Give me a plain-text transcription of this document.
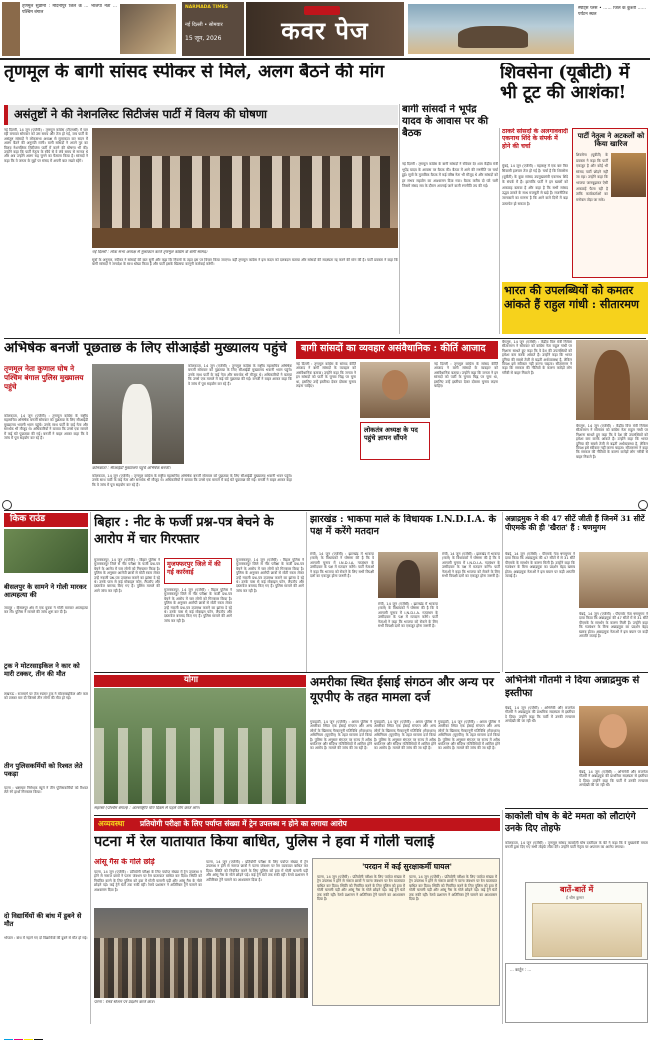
तृणमूल सुप्रीमो : मेदिनीपुर जिले के ... भाजपा नेता ... पश्चिम बंगाल
NARMADA TIMES
नई दिल्ली • सोमवार
15 जून, 2026	कवर पेज
स्पोर्ट्स प्लस • ...... जिले के कुश्ती ...... पर्यटन स्थल
तृणमूल के बागी सांसद स्पीकर से मिले, अलग बैठने की मांग
असंतुष्टों ने की नेशनलिस्ट सिटीजंस पार्टी में विलय की घोषणा
नई दिल्ली, 14 जून (एजेंसी) : तृणमूल कांग्रेस (टीएमसी) में चल रही बगावत सोमवार को उस समय और तेज हो गई, जब पार्टी के असंतुष्ट सांसदों ने लोकसभा अध्यक्ष से मुलाकात कर सदन में अलग बैठने की अनुमति मांगी। बागी सांसदों ने अपने गुट का विलय नेशनलिस्ट सिटीजंस पार्टी में करने की घोषणा भी की। उन्होंने कहा कि पार्टी नेतृत्व के रवैये से वे लंबे समय से नाराज थे और अब उन्होंने अलग राह चुनने का फैसला किया है। सांसदों ने कहा कि वे जनता के मुद्दों पर संसद में अपनी बात रखते रहेंगे।
नई दिल्ली : लोक सभा अध्यक्ष से मुलाकात करते तृणमूल कांग्रेस के बागी सांसद।
सूत्रों के अनुसार, स्पीकर ने सांसदों की बात सुनी और कहा कि नियमों के तहत इस पर विचार किया जाएगा। वहीं तृणमूल कांग्रेस ने इस कदम को दलबदल बताया और सांसदों की सदस्यता रद्द करने की मांग की है। पार्टी प्रवक्ता ने कहा कि बागी सांसदों ने जनादेश के साथ धोखा किया है और पार्टी इसके खिलाफ कानूनी कार्रवाई करेगी।
बागी सांसदों ने भूपेंद्र यादव के आवास पर की बैठक
नई दिल्ली : तृणमूल कांग्रेस के बागी सांसदों ने रविवार देर शाम केंद्रीय मंत्री भूपेंद्र यादव के आवास पर बैठक की। बैठक में आगे की रणनीति पर चर्चा हुई। सूत्रों के मुताबिक बैठक में कई वरिष्ठ नेता भी मौजूद थे और सांसदों को हर संभव सहयोग का आश्वासन दिया गया। बैठक करीब दो घंटे चली जिसमें संसद सत्र के दौरान अपनाई जाने वाली रणनीति तय की गई।
शिवसेना (यूबीटी) में भी टूट की आशंका!
ठाकरे सांसदों के अलगाववादी एकनाथ शिंदे के संपर्क में होने की चर्चा
मुंबई, 14 जून (एजेंसी) : महाराष्ट्र में एक बार फिर सियासी हलचल तेज हो गई है। चर्चा है कि शिवसेना (यूबीटी) के कुछ सांसद उपमुख्यमंत्री एकनाथ शिंदे के संपर्क में हैं। हालांकि पार्टी ने इन खबरों को अफवाह बताया है और कहा है कि सभी सांसद उद्धव ठाकरे के साथ मजबूती से खड़े हैं। राजनीतिक जानकारों का मानना है कि आने वाले दिनों में बड़ा उलटफेर हो सकता है।
पार्टी नेतृत्व ने अटकलों को किया खारिज
शिवसेना (यूबीटी) के प्रवक्ता ने कहा कि पार्टी एकजुट है और कोई भी सांसद पार्टी छोड़ने नहीं जा रहा। उन्होंने कहा कि भाजपा जानबूझकर ऐसी अफवाहें फैला रही है ताकि कार्यकर्ताओं का मनोबल तोड़ा जा सके।
अभिषेक बनर्जी पूछताछ के लिए सीआईडी मुख्यालय पहुंचे
तृणमूल नेता कुणाल घोष ने पश्चिम बंगाल पुलिस मुख्यालय पहुंचे
कोलकाता, 14 जून (एजेंसी) : तृणमूल कांग्रेस के राष्ट्रीय महासचिव अभिषेक बनर्जी सोमवार को पूछताछ के लिए सीआईडी मुख्यालय भवानी भवन पहुंचे। उनके साथ पार्टी के कई नेता और समर्थक भी मौजूद थे। अधिकारियों ने बताया कि उनसे एक मामले में कई घंटे पूछताछ की गई। बनर्जी ने बाहर आकर कहा कि वे जांच में पूरा सहयोग कर रहे हैं।
कोलकाता, 14 जून (एजेंसी) : तृणमूल कांग्रेस के राष्ट्रीय महासचिव अभिषेक बनर्जी सोमवार को पूछताछ के लिए सीआईडी मुख्यालय भवानी भवन पहुंचे। उनके साथ पार्टी के कई नेता और समर्थक भी मौजूद थे। अधिकारियों ने बताया कि उनसे एक मामले में कई घंटे पूछताछ की गई। बनर्जी ने बाहर आकर कहा कि वे जांच में पूरा सहयोग कर रहे हैं।
कोलकाता : सीआईडी मुख्यालय पहुंचे अभिषेक बनर्जी।
कोलकाता, 14 जून (एजेंसी) : तृणमूल कांग्रेस के राष्ट्रीय महासचिव अभिषेक बनर्जी सोमवार को पूछताछ के लिए सीआईडी मुख्यालय भवानी भवन पहुंचे। उनके साथ पार्टी के कई नेता और समर्थक भी मौजूद थे। अधिकारियों ने बताया कि उनसे एक मामले में कई घंटे पूछताछ की गई। बनर्जी ने बाहर आकर कहा कि वे जांच में पूरा सहयोग कर रहे हैं।
बागी सांसदों का व्यवहार असंवैधानिक : कीर्ति आजाद
नई दिल्ली : तृणमूल कांग्रेस के सांसद कीर्ति आजाद ने बागी सांसदों के व्यवहार को असंवैधानिक बताया। उन्होंने कहा कि जनता ने इन सांसदों को पार्टी के चुनाव चिह्न पर चुना था, इसलिए उन्हें इस्तीफा देकर दोबारा चुनाव लड़ना चाहिए।
लोकतंत्र अध्यक्ष के पद पहुंचे ज्ञापन सौंपने
नई दिल्ली : तृणमूल कांग्रेस के सांसद कीर्ति आजाद ने बागी सांसदों के व्यवहार को असंवैधानिक बताया। उन्होंने कहा कि जनता ने इन सांसदों को पार्टी के चुनाव चिह्न पर चुना था, इसलिए उन्हें इस्तीफा देकर दोबारा चुनाव लड़ना चाहिए।
भारत की उपलब्धियों को कमतर आंकते हैं राहुल गांधी : सीतारमण
बेंगलुरु, 14 जून (एजेंसी) : केंद्रीय वित्त मंत्री निर्मला सीतारमण ने सोमवार को कांग्रेस नेता राहुल गांधी पर निशाना साधते हुए कहा कि वे देश की उपलब्धियों को हमेशा कम करके आंकते हैं। उन्होंने कहा कि भारत दुनिया की सबसे तेजी से बढ़ती अर्थव्यवस्था है, लेकिन विपक्ष इसे स्वीकार नहीं करना चाहता। सीतारमण ने कहा कि सरकार की नीतियों के कारण करोड़ों लोग गरीबी से बाहर निकले हैं।
बेंगलुरु, 14 जून (एजेंसी) : केंद्रीय वित्त मंत्री निर्मला सीतारमण ने सोमवार को कांग्रेस नेता राहुल गांधी पर निशाना साधते हुए कहा कि वे देश की उपलब्धियों को हमेशा कम करके आंकते हैं। उन्होंने कहा कि भारत दुनिया की सबसे तेजी से बढ़ती अर्थव्यवस्था है, लेकिन विपक्ष इसे स्वीकार नहीं करना चाहता। सीतारमण ने कहा कि सरकार की नीतियों के कारण करोड़ों लोग गरीबी से बाहर निकले हैं।
किक राउंड
बीसलपुर के सामने ने गोली मारकर आत्महत्या की
जयपुर : बीसलपुर क्षेत्र में एक युवक ने गोली मारकर आत्महत्या कर ली। पुलिस ने मामले की जांच शुरू कर दी है।
ट्रक ने मोटरसाइकिल ने कार को मारी टक्कर, तीन की मौत
लखनऊ : राजमार्ग पर तेज रफ्तार ट्रक ने मोटरसाइकिल और कार को टक्कर मार दी जिससे तीन लोगों की मौत हो गई।
तीन पुलिसकर्मियों को रिश्वत लेते पकड़ा
पटना : भ्रष्टाचार निरोधक ब्यूरो ने तीन पुलिसकर्मियों को रिश्वत लेते रंगे हाथों गिरफ्तार किया।
दो विद्यार्थियों की बांध में डूबने से मौत
भोपाल : बांध में नहाने गए दो विद्यार्थियों की डूबने से मौत हो गई।
बिहार : नीट के फर्जी प्रश्न-पत्र बेचने के आरोप में चार गिरफ्तार
मुजफ्फरपुर, 14 जून (एजेंसी) : बिहार पुलिस ने मुजफ्फरपुर जिले से नीट परीक्षा के फर्जी प्रश्न-पत्र बेचने के आरोप में चार लोगों को गिरफ्तार किया है। पुलिस के अनुसार आरोपी छात्रों से मोटी रकम लेकर उन्हें नकली प्रश्न-पत्र उपलब्ध कराने का झांसा दे रहे थे। उनके पास से कई मोबाइल फोन, लैपटॉप और दस्तावेज बरामद किए गए हैं। पुलिस मामले की आगे जांच कर रही है।
मुजफ्फरपुर जिले में की गई कार्रवाई
मुजफ्फरपुर, 14 जून (एजेंसी) : बिहार पुलिस ने मुजफ्फरपुर जिले से नीट परीक्षा के फर्जी प्रश्न-पत्र बेचने के आरोप में चार लोगों को गिरफ्तार किया है। पुलिस के अनुसार आरोपी छात्रों से मोटी रकम लेकर उन्हें नकली प्रश्न-पत्र उपलब्ध कराने का झांसा दे रहे थे। उनके पास से कई मोबाइल फोन, लैपटॉप और दस्तावेज बरामद किए गए हैं। पुलिस मामले की आगे जांच कर रही है।
मुजफ्फरपुर, 14 जून (एजेंसी) : बिहार पुलिस ने मुजफ्फरपुर जिले से नीट परीक्षा के फर्जी प्रश्न-पत्र बेचने के आरोप में चार लोगों को गिरफ्तार किया है। पुलिस के अनुसार आरोपी छात्रों से मोटी रकम लेकर उन्हें नकली प्रश्न-पत्र उपलब्ध कराने का झांसा दे रहे थे। उनके पास से कई मोबाइल फोन, लैपटॉप और दस्तावेज बरामद किए गए हैं। पुलिस मामले की आगे जांच कर रही है।
झारखंड : भाकपा माले के विधायक I.N.D.I.A. के पक्ष में करेंगे मतदान
रांची, 14 जून (एजेंसी) : झारखंड में भाकपा (माले) के विधायकों ने घोषणा की है कि वे आगामी चुनाव में I.N.D.I.A. गठबंधन के उम्मीदवार के पक्ष में मतदान करेंगे। पार्टी नेताओं ने कहा कि भाजपा को रोकने के लिए सभी विपक्षी दलों का एकजुट होना जरूरी है।
रांची, 14 जून (एजेंसी) : झारखंड में भाकपा (माले) के विधायकों ने घोषणा की है कि वे आगामी चुनाव में I.N.D.I.A. गठबंधन के उम्मीदवार के पक्ष में मतदान करेंगे। पार्टी नेताओं ने कहा कि भाजपा को रोकने के लिए सभी विपक्षी दलों का एकजुट होना जरूरी है।
रांची, 14 जून (एजेंसी) : झारखंड में भाकपा (माले) के विधायकों ने घोषणा की है कि वे आगामी चुनाव में I.N.D.I.A. गठबंधन के उम्मीदवार के पक्ष में मतदान करेंगे। पार्टी नेताओं ने कहा कि भाजपा को रोकने के लिए सभी विपक्षी दलों का एकजुट होना जरूरी है।
अन्नाद्रमुक ने की 47 सीटें जीती हैं जिनमें 31 सीटें पीएमके की ही 'खैरात' हैं : षणमुगम
चेन्नई, 14 जून (एजेंसी) : पीएमके नेता षणमुगम ने दावा किया कि अन्नाद्रमुक की 47 सीटों में से 31 सीटें पीएमके के समर्थन के कारण मिली हैं। उन्होंने कहा कि गठबंधन के बिना अन्नाद्रमुक का प्रदर्शन बेहद खराब होता। अन्नाद्रमुक नेताओं ने इस बयान पर कड़ी आपत्ति जताई है।
चेन्नई, 14 जून (एजेंसी) : पीएमके नेता षणमुगम ने दावा किया कि अन्नाद्रमुक की 47 सीटों में से 31 सीटें पीएमके के समर्थन के कारण मिली हैं। उन्होंने कहा कि गठबंधन के बिना अन्नाद्रमुक का प्रदर्शन बेहद खराब होता। अन्नाद्रमुक नेताओं ने इस बयान पर कड़ी आपत्ति जताई है।
अभिनेत्री गौतमी ने दिया अन्नाद्रमुक से इस्तीफा
चेन्नई, 14 जून (एजेंसी) : अभिनेत्री और राजनेता गौतमी ने अन्नाद्रमुक की प्राथमिक सदस्यता से इस्तीफा दे दिया। उन्होंने कहा कि पार्टी में उनकी लगातार अनदेखी की जा रही थी।
चेन्नई, 14 जून (एजेंसी) : अभिनेत्री और राजनेता गौतमी ने अन्नाद्रमुक की प्राथमिक सदस्यता से इस्तीफा दे दिया। उन्होंने कहा कि पार्टी में उनकी लगातार अनदेखी की जा रही थी।
योगा
सहरसा (पश्चिम बंगाल) : अंतरराष्ट्रीय योग दिवस से पहले योग करते लोग।
अमरीका स्थित ईसाई संगठन और अन्य पर यूएपीए के तहत मामला दर्ज
गुवाहाटी, 14 जून (एजेंसी) : असम पुलिस ने अमरीका स्थित एक ईसाई संगठन और अन्य लोगों के खिलाफ गैरकानूनी गतिविधि (रोकथाम) अधिनियम (यूएपीए) के तहत मामला दर्ज किया है। पुलिस के अनुसार संगठन पर राज्य में अवैध धर्मांतरण और संदिग्ध गतिविधियों में शामिल होने का आरोप है। मामले की जांच की जा रही है।
गुवाहाटी, 14 जून (एजेंसी) : असम पुलिस ने अमरीका स्थित एक ईसाई संगठन और अन्य लोगों के खिलाफ गैरकानूनी गतिविधि (रोकथाम) अधिनियम (यूएपीए) के तहत मामला दर्ज किया है। पुलिस के अनुसार संगठन पर राज्य में अवैध धर्मांतरण और संदिग्ध गतिविधियों में शामिल होने का आरोप है। मामले की जांच की जा रही है।
गुवाहाटी, 14 जून (एजेंसी) : असम पुलिस ने अमरीका स्थित एक ईसाई संगठन और अन्य लोगों के खिलाफ गैरकानूनी गतिविधि (रोकथाम) अधिनियम (यूएपीए) के तहत मामला दर्ज किया है। पुलिस के अनुसार संगठन पर राज्य में अवैध धर्मांतरण और संदिग्ध गतिविधियों में शामिल होने का आरोप है। मामले की जांच की जा रही है।
काकोली घोष के बेटे ममता को लौटाएंगे उनके दिए तोहफे
कोलकाता, 14 जून (एजेंसी) : तृणमूल सांसद काकोली घोष दस्तीदार के बेटे ने कहा कि वे मुख्यमंत्री ममता बनर्जी द्वारा दिए गए सभी तोहफे लौटा देंगे। उन्होंने पार्टी नेतृत्व पर अपमान का आरोप लगाया।
बातें-बातें में
ई श्रीम कुमार
अव्यवस्था प्रतियोगी परीक्षा के लिए पर्याप्त संख्या में ट्रेन उपलब्ध न होने का लगाया आरोप
पटना में रेल यातायात किया बाधित, पुलिस ने हवा में गोली चलाई
आंसू गैस के गोले छोड़े
पटना, 14 जून (एजेंसी) : प्रतियोगी परीक्षा के लिए पर्याप्त संख्या में ट्रेन उपलब्ध न होने से नाराज छात्रों ने पटना जंक्शन पर रेल यातायात बाधित कर दिया। स्थिति को नियंत्रित करने के लिए पुलिस को हवा में गोली चलानी पड़ी और आंसू गैस के गोले छोड़ने पड़े। कई ट्रेनें घंटों तक रुकी रहीं। रेलवे प्रशासन ने अतिरिक्त ट्रेनें चलाने का आश्वासन दिया है।
पटना : रेलवे स्टेशन पर प्रदर्शन करते छात्र।
पटना, 14 जून (एजेंसी) : प्रतियोगी परीक्षा के लिए पर्याप्त संख्या में ट्रेन उपलब्ध न होने से नाराज छात्रों ने पटना जंक्शन पर रेल यातायात बाधित कर दिया। स्थिति को नियंत्रित करने के लिए पुलिस को हवा में गोली चलानी पड़ी और आंसू गैस के गोले छोड़ने पड़े। कई ट्रेनें घंटों तक रुकी रहीं। रेलवे प्रशासन ने अतिरिक्त ट्रेनें चलाने का आश्वासन दिया है।
'परदान में कई सुरक्षाकर्मी घायल'
पटना, 14 जून (एजेंसी) : प्रतियोगी परीक्षा के लिए पर्याप्त संख्या में ट्रेन उपलब्ध न होने से नाराज छात्रों ने पटना जंक्शन पर रेल यातायात बाधित कर दिया। स्थिति को नियंत्रित करने के लिए पुलिस को हवा में गोली चलानी पड़ी और आंसू गैस के गोले छोड़ने पड़े। कई ट्रेनें घंटों तक रुकी रहीं। रेलवे प्रशासन ने अतिरिक्त ट्रेनें चलाने का आश्वासन दिया है।
पटना, 14 जून (एजेंसी) : प्रतियोगी परीक्षा के लिए पर्याप्त संख्या में ट्रेन उपलब्ध न होने से नाराज छात्रों ने पटना जंक्शन पर रेल यातायात बाधित कर दिया। स्थिति को नियंत्रित करने के लिए पुलिस को हवा में गोली चलानी पड़ी और आंसू गैस के गोले छोड़ने पड़े। कई ट्रेनें घंटों तक रुकी रहीं। रेलवे प्रशासन ने अतिरिक्त ट्रेनें चलाने का आश्वासन दिया है।
... कार्टून : ...
